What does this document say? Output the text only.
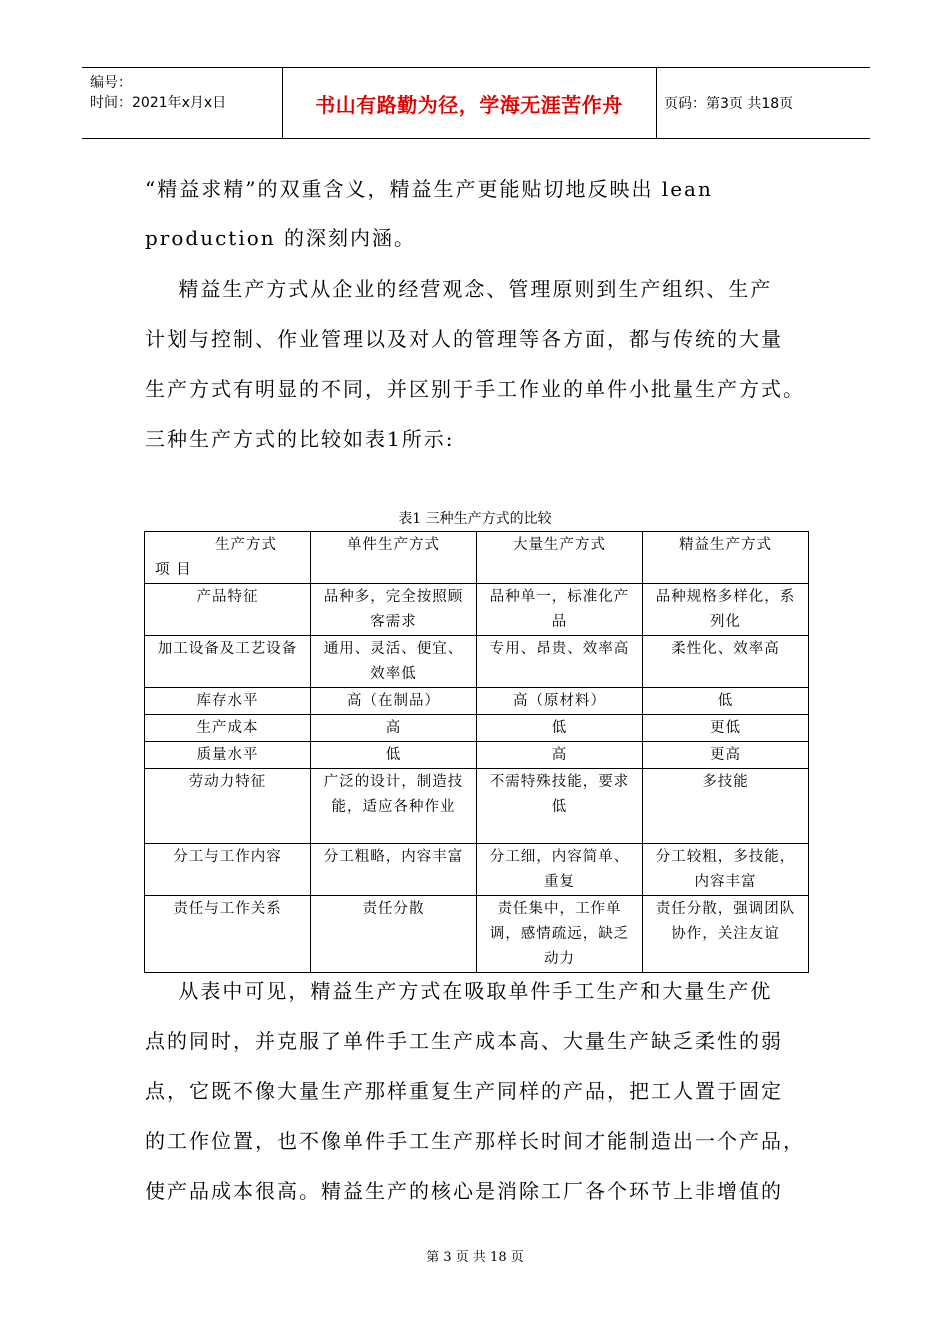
编号：
时间：2021年x月x日	书山有路勤为径，学海无涯苦作舟	页码：第3页 共18页
“精益求精”的双重含义，精益生产更能贴切地反映出 lean
production 的深刻内涵。
精益生产方式从企业的经营观念、管理原则到生产组织、生产
计划与控制、作业管理以及对人的管理等各方面，都与传统的大量
生产方式有明显的不同，并区别于手工作业的单件小批量生产方式。
三种生产方式的比较如表1所示:
表1 三种生产方式的比较
生产方式
项 目	单件生产方式	大量生产方式	精益生产方式
产品特征	品种多，完全按照顾客需求	品种单一，标准化产品	品种规格多样化，系列化
加工设备及工艺设备	通用、灵活、便宜、效率低	专用、昂贵、效率高	柔性化、效率高
库存水平	高（在制品）	高（原材料）	低
生产成本	高	低	更低
质量水平	低	高	更高
劳动力特征	广泛的设计，制造技能，适应各种作业	不需特殊技能，要求低	多技能
分工与工作内容	分工粗略，内容丰富	分工细，内容简单、重复	分工较粗，多技能，内容丰富
责任与工作关系	责任分散	责任集中，工作单调，感情疏远，缺乏动力	责任分散，强调团队协作，关注友谊
从表中可见，精益生产方式在吸取单件手工生产和大量生产优
点的同时，并克服了单件手工生产成本高、大量生产缺乏柔性的弱
点，它既不像大量生产那样重复生产同样的产品，把工人置于固定
的工作位置，也不像单件手工生产那样长时间才能制造出一个产品，
使产品成本很高。精益生产的核心是消除工厂各个环节上非增值的
第 3 页 共 18 页
